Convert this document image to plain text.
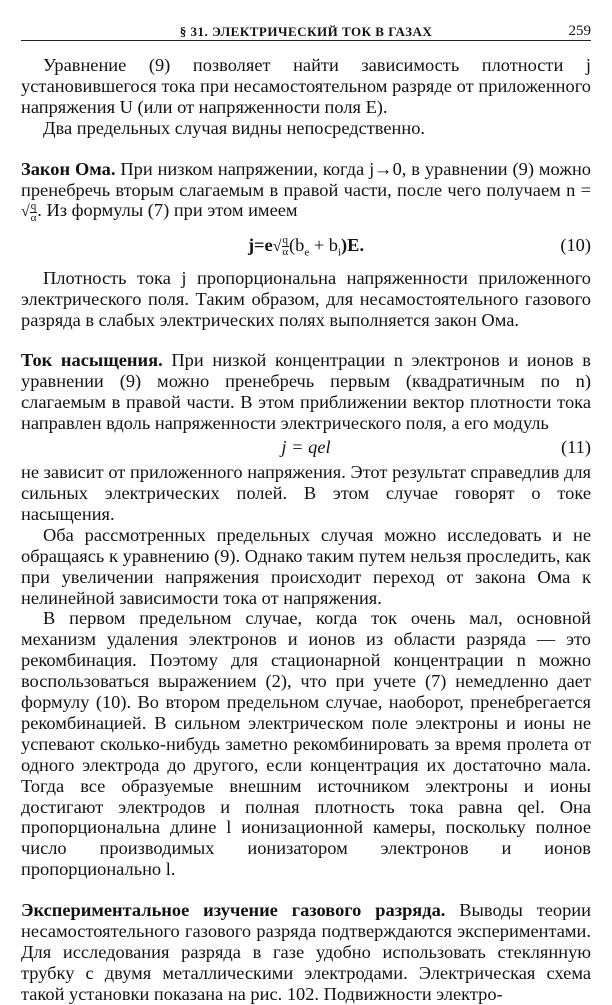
§ 31. ЭЛЕКТРИЧЕСКИЙ ТОК В ГАЗАХ	259

Уравнение (9) позволяет найти зависимость плотности j установившегося тока при несамостоятельном разряде от приложенного напряжения U (или от напряженности поля E).

Два предельных случая видны непосредственно.

Закон Ома. При низком напряжении, когда j→0, в уравнении (9) можно пренебречь вторым слагаемым в правой части, после чего получаем n = √ $\frac{q}{\alpha}$ . Из формулы (7) при этом имеем

$j=e√ \frac{q}{\alpha} (b_e + b_i)E$.	(10)

Плотность тока j пропорциональна напряженности приложенного электрического поля. Таким образом, для несамостоятельного газового разряда в слабых электрических полях выполняется закон Ома.

Ток насыщения. При низкой концентрации n электронов и ионов в уравнении (9) можно пренебречь первым (квадратичным по n) слагаемым в правой части. В этом приближении вектор плотности тока направлен вдоль напряженности электрического поля, а его модуль

j = qel	(11)

не зависит от приложенного напряжения. Этот результат справедлив для сильных электрических полей. В этом случае говорят о токе насыщения.

Оба рассмотренных предельных случая можно исследовать и не обращаясь к уравнению (9). Однако таким путем нельзя проследить, как при увеличении напряжения происходит переход от закона Ома к нелинейной зависимости тока от напряжения.

В первом предельном случае, когда ток очень мал, основной механизм удаления электронов и ионов из области разряда — это рекомбинация. Поэтому для стационарной концентрации n можно воспользоваться выражением (2), что при учете (7) немедленно дает формулу (10). Во втором предельном случае, наоборот, пренебрегается рекомбинацией. В сильном электрическом поле электроны и ионы не успевают сколько-нибудь заметно рекомбинировать за время пролета от одного электрода до другого, если концентрация их достаточно мала. Тогда все образуемые внешним источником электроны и ионы достигают электродов и полная плотность тока равна qel. Она пропорциональна длине l ионизационной камеры, поскольку полное число производимых ионизатором электронов и ионов пропорционально l.

Экспериментальное изучение газового разряда. Выводы теории несамостоятельного газового разряда подтверждаются экспериментами. Для исследования разряда в газе удобно использовать стеклянную трубку с двумя металлическими электродами. Электрическая схема такой установки показана на рис. 102. Подвижности электро-
